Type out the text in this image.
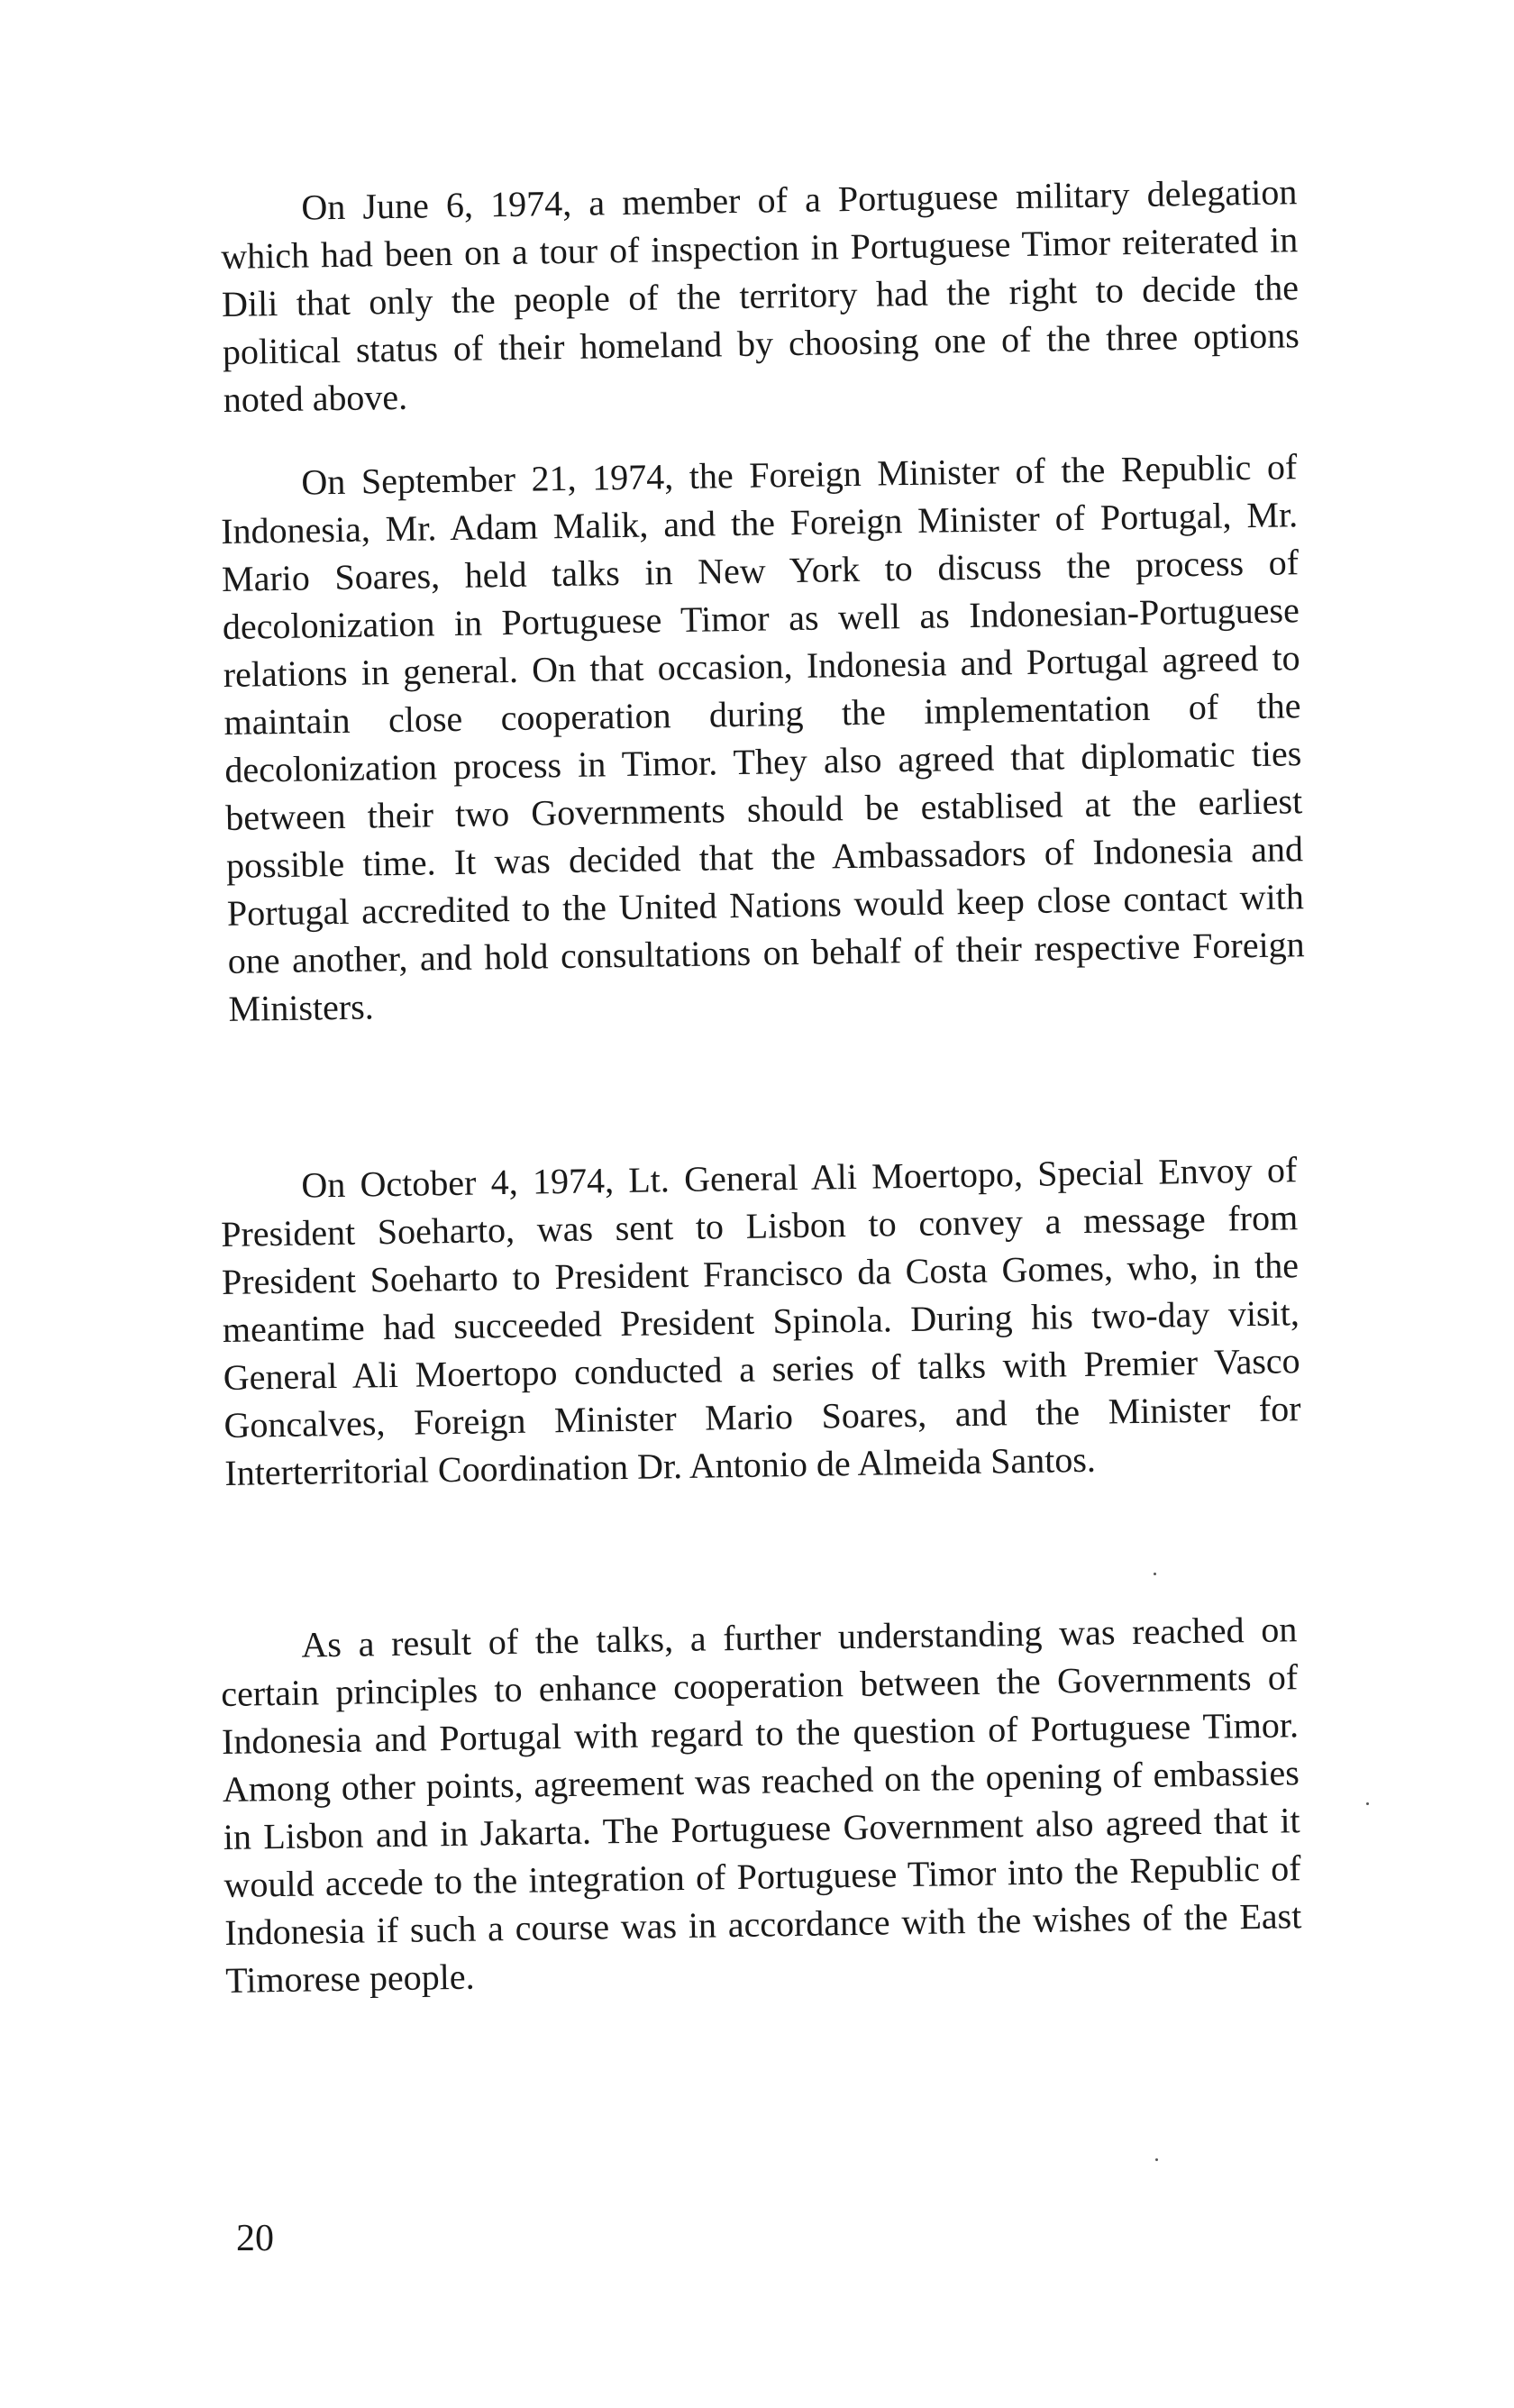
On June 6, 1974, a member of a Portuguese military delegation which had been on a tour of inspection in Portuguese Timor reiterated in Dili that only the people of the territory had the right to decide the political status of their homeland by choosing one of the three options noted above.

On September 21, 1974, the Foreign Minister of the Republic of Indonesia, Mr. Adam Malik, and the Foreign Minister of Portugal, Mr. Mario Soares, held talks in New York to discuss the process of decolonization in Portuguese Timor as well as Indonesian-Portuguese relations in general. On that occasion, Indonesia and Portugal agreed to maintain close cooperation during the implementation of the decolonization process in Timor. They also agreed that diplomatic ties between their two Governments should be establised at the earliest possible time. It was decided that the Ambassadors of Indonesia and Portugal accredited to the United Nations would keep close contact with one another, and hold consultations on behalf of their respective Foreign Ministers.

On October 4, 1974, Lt. General Ali Moertopo, Special Envoy of President Soeharto, was sent to Lisbon to convey a message from President Soeharto to President Francisco da Costa Gomes, who, in the meantime had succeeded President Spinola. During his two-day visit, General Ali Moertopo conducted a series of talks with Premier Vasco Goncalves, Foreign Minister Mario Soares, and the Minister for Interterritorial Coordination Dr. Antonio de Almeida Santos.

As a result of the talks, a further understanding was reached on certain principles to enhance cooperation between the Governments of Indonesia and Portugal with regard to the question of Portuguese Timor. Among other points, agreement was reached on the opening of embassies in Lisbon and in Jakarta. The Portuguese Government also agreed that it would accede to the integration of Portuguese Timor into the Republic of Indonesia if such a course was in accordance with the wishes of the East Timorese people.

20
